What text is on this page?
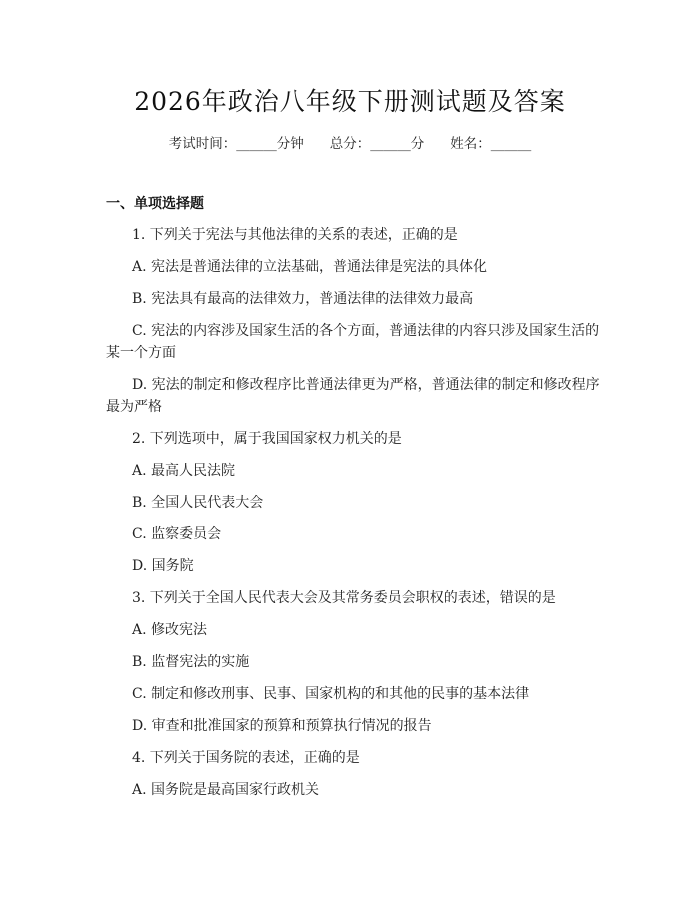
2026年政治八年级下册测试题及答案
考试时间：______分钟 总分：______分 姓名：______
一、单项选择题
1. 下列关于宪法与其他法律的关系的表述，正确的是
A. 宪法是普通法律的立法基础，普通法律是宪法的具体化
B. 宪法具有最高的法律效力，普通法律的法律效力最高
C. 宪法的内容涉及国家生活的各个方面，普通法律的内容只涉及国家生活的
某一个方面
D. 宪法的制定和修改程序比普通法律更为严格，普通法律的制定和修改程序
最为严格
2. 下列选项中，属于我国国家权力机关的是
A. 最高人民法院
B. 全国人民代表大会
C. 监察委员会
D. 国务院
3. 下列关于全国人民代表大会及其常务委员会职权的表述，错误的是
A. 修改宪法
B. 监督宪法的实施
C. 制定和修改刑事、民事、国家机构的和其他的民事的基本法律
D. 审查和批准国家的预算和预算执行情况的报告
4. 下列关于国务院的表述，正确的是
A. 国务院是最高国家行政机关
